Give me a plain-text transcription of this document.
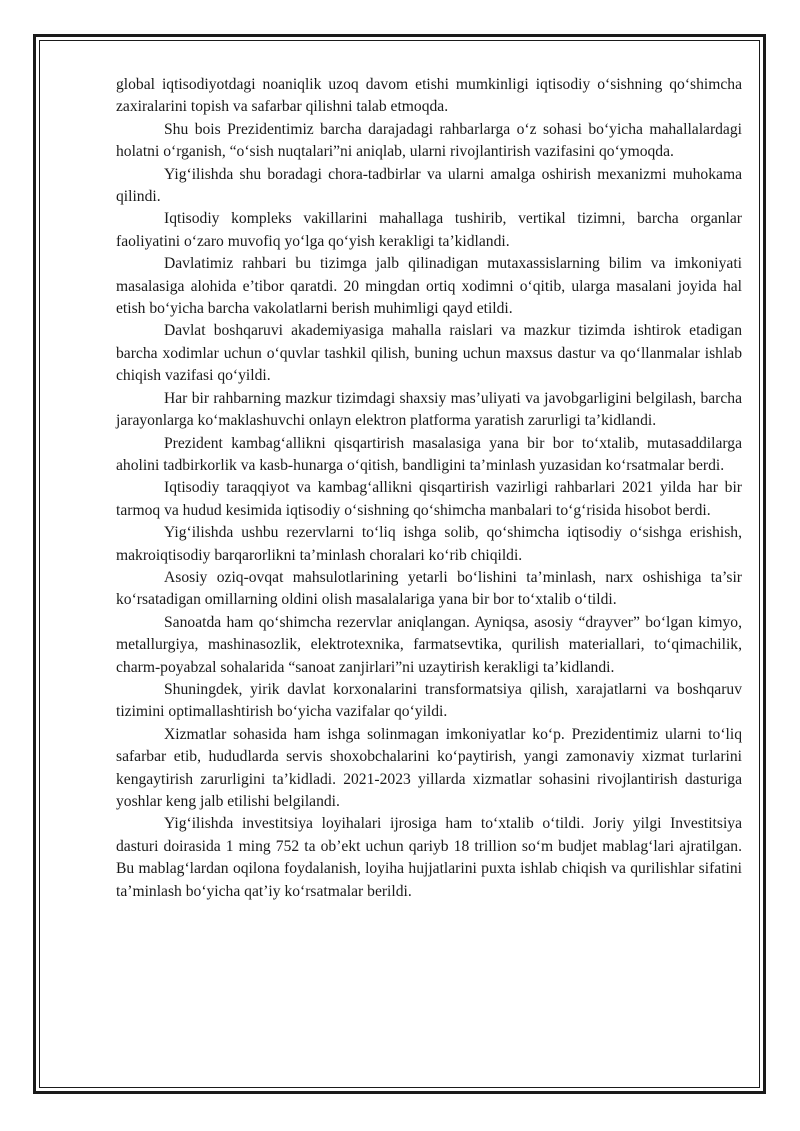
global iqtisodiyotdagi noaniqlik uzoq davom etishi mumkinligi iqtisodiy o‘sishning qo‘shimcha zaxiralarini topish va safarbar qilishni talab etmoqda.

Shu bois Prezidentimiz barcha darajadagi rahbarlarga o‘z sohasi bo‘yicha mahallalardagi holatni o‘rganish, “o‘sish nuqtalari”ni aniqlab, ularni rivojlantirish vazifasini qo‘ymoqda.

Yig‘ilishda shu boradagi chora-tadbirlar va ularni amalga oshirish mexanizmi muhokama qilindi.

Iqtisodiy kompleks vakillarini mahallaga tushirib, vertikal tizimni, barcha organlar faoliyatini o‘zaro muvofiq yo‘lga qo‘yish kerakligi ta’kidlandi.

Davlatimiz rahbari bu tizimga jalb qilinadigan mutaxassislarning bilim va imkoniyati masalasiga alohida e’tibor qaratdi. 20 mingdan ortiq xodimni o‘qitib, ularga masalani joyida hal etish bo‘yicha barcha vakolatlarni berish muhimligi qayd etildi.

Davlat boshqaruvi akademiyasiga mahalla raislari va mazkur tizimda ishtirok etadigan barcha xodimlar uchun o‘quvlar tashkil qilish, buning uchun maxsus dastur va qo‘llanmalar ishlab chiqish vazifasi qo‘yildi.

Har bir rahbarning mazkur tizimdagi shaxsiy mas’uliyati va javobgarligini belgilash, barcha jarayonlarga ko‘maklashuvchi onlayn elektron platforma yaratish zarurligi ta’kidlandi.

Prezident kambag‘allikni qisqartirish masalasiga yana bir bor to‘xtalib, mutasaddilarga aholini tadbirkorlik va kasb-hunarga o‘qitish, bandligini ta’minlash yuzasidan ko‘rsatmalar berdi.

Iqtisodiy taraqqiyot va kambag‘allikni qisqartirish vazirligi rahbarlari 2021 yilda har bir tarmoq va hudud kesimida iqtisodiy o‘sishning qo‘shimcha manbalari to‘g‘risida hisobot berdi.

Yig‘ilishda ushbu rezervlarni to‘liq ishga solib, qo‘shimcha iqtisodiy o‘sishga erishish, makroiqtisodiy barqarorlikni ta’minlash choralari ko‘rib chiqildi.

Asosiy oziq-ovqat mahsulotlarining yetarli bo‘lishini ta’minlash, narx oshishiga ta’sir ko‘rsatadigan omillarning oldini olish masalalariga yana bir bor to‘xtalib o‘tildi.

Sanoatda ham qo‘shimcha rezervlar aniqlangan. Ayniqsa, asosiy “drayver” bo‘lgan kimyo, metallurgiya, mashinasozlik, elektrotexnika, farmatsevtika, qurilish materiallari, to‘qimachilik, charm-poyabzal sohalarida “sanoat zanjirlari”ni uzaytirish kerakligi ta’kidlandi.

Shuningdek, yirik davlat korxonalarini transformatsiya qilish, xarajatlarni va boshqaruv tizimini optimallashtirish bo‘yicha vazifalar qo‘yildi.

Xizmatlar sohasida ham ishga solinmagan imkoniyatlar ko‘p. Prezidentimiz ularni to‘liq safarbar etib, hududlarda servis shoxobchalarini ko‘paytirish, yangi zamonaviy xizmat turlarini kengaytirish zarurligini ta’kidladi. 2021-2023 yillarda xizmatlar sohasini rivojlantirish dasturiga yoshlar keng jalb etilishi belgilandi.

Yig‘ilishda investitsiya loyihalari ijrosiga ham to‘xtalib o‘tildi. Joriy yilgi Investitsiya dasturi doirasida 1 ming 752 ta ob’ekt uchun qariyb 18 trillion so‘m budjet mablag‘lari ajratilgan. Bu mablag‘lardan oqilona foydalanish, loyiha hujjatlarini puxta ishlab chiqish va qurilishlar sifatini ta’minlash bo‘yicha qat’iy ko‘rsatmalar berildi.
